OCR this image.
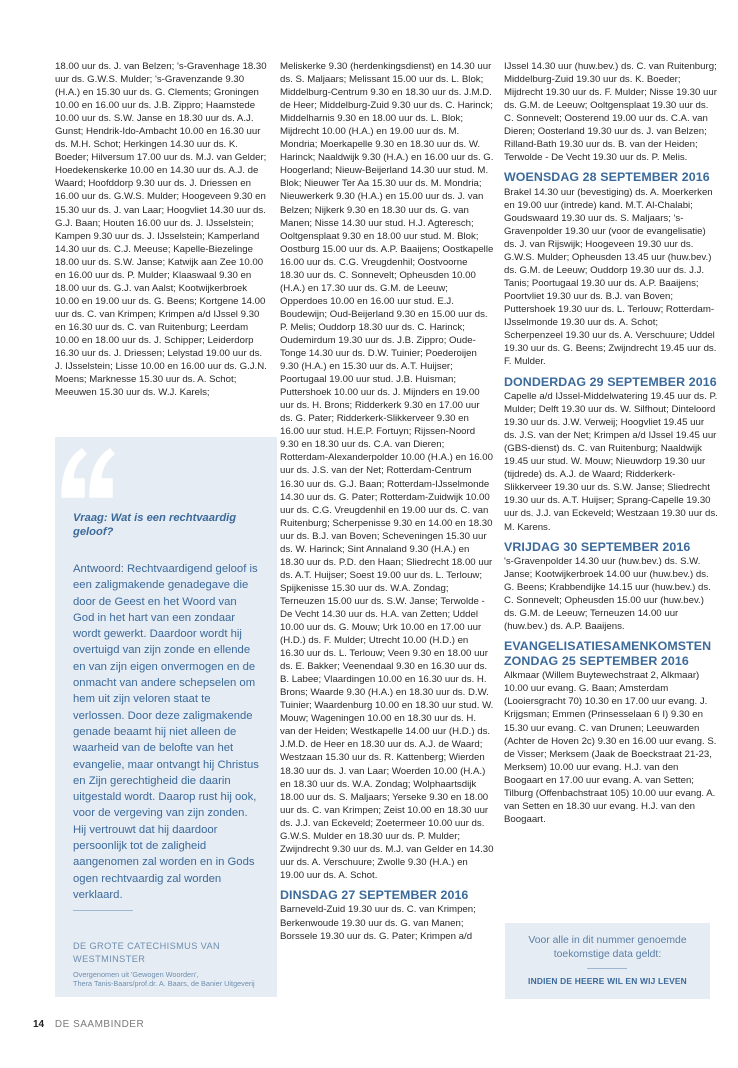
18.00 uur ds. J. van Belzen; 's-Gravenhage 18.30 uur ds. G.W.S. Mulder; 's-Gravenzande 9.30 (H.A.) en 15.30 uur ds. G. Clements; Groningen 10.00 en 16.00 uur ds. J.B. Zippro; Haamstede 10.00 uur ds. S.W. Janse en 18.30 uur ds. A.J. Gunst; Hendrik-Ido-Ambacht 10.00 en 16.30 uur ds. M.H. Schot; Herkingen 14.30 uur ds. K. Boeder; Hilversum 17.00 uur ds. M.J. van Gelder; Hoedekenskerke 10.00 en 14.30 uur ds. A.J. de Waard; Hoofddorp 9.30 uur ds. J. Driessen en 16.00 uur ds. G.W.S. Mulder; Hoogeveen 9.30 en 15.30 uur ds. J. van Laar; Hoogvliet 14.30 uur ds. G.J. Baan; Houten 16.00 uur ds. J. IJsselstein; Kampen 9.30 uur ds. J. IJsselstein; Kamperland 14.30 uur ds. C.J. Meeuse; Kapelle-Biezelinge 18.00 uur ds. S.W. Janse; Katwijk aan Zee 10.00 en 16.00 uur ds. P. Mulder; Klaaswaal 9.30 en 18.00 uur ds. G.J. van Aalst; Kootwijkerbroek 10.00 en 19.00 uur ds. G. Beens; Kortgene 14.00 uur ds. C. van Krimpen; Krimpen a/d IJssel 9.30 en 16.30 uur ds. C. van Ruitenburg; Leerdam 10.00 en 18.00 uur ds. J. Schipper; Leiderdorp 16.30 uur ds. J. Driessen; Lelystad 19.00 uur ds. J. IJsselstein; Lisse 10.00 en 16.00 uur ds. G.J.N. Moens; Marknesse 15.30 uur ds. A. Schot; Meeuwen 15.30 uur ds. W.J. Karels;

Vraag: Wat is een rechtvaardig geloof?

Antwoord: Rechtvaardigend geloof is een zaligmakende genadegave die door de Geest en het Woord van God in het hart van een zondaar wordt gewerkt. Daardoor wordt hij overtuigd van zijn zonde en ellende en van zijn eigen onvermogen en de onmacht van andere schepselen om hem uit zijn veloren staat te verlossen. Door deze zaligmakende genade beaamt hij niet alleen de waarheid van de belofte van het evangelie, maar ontvangt hij Christus en Zijn gerechtigheid die daarin uitgestald wordt. Daarop rust hij ook, voor de vergeving van zijn zonden. Hij vertrouwt dat hij daardoor persoonlijk tot de zaligheid aangenomen zal worden en in Gods ogen rechtvaardig zal worden verklaard.

DE GROTE CATECHISMUS VAN WESTMINSTER

Overgenomen uit 'Gewogen Woorden',
Thera Tanis-Baars/prof.dr. A. Baars, de Banier Uitgeverij

Meliskerke 9.30 (herdenkingsdienst) en 14.30 uur ds. S. Maljaars; Melissant 15.00 uur ds. L. Blok; Middelburg-Centrum 9.30 en 18.30 uur ds. J.M.D. de Heer; Middelburg-Zuid 9.30 uur ds. C. Harinck; Middelharnis 9.30 en 18.00 uur ds. L. Blok; Mijdrecht 10.00 (H.A.) en 19.00 uur ds. M. Mondria; Moerkapelle 9.30 en 18.30 uur ds. W. Harinck; Naaldwijk 9.30 (H.A.) en 16.00 uur ds. G. Hoogerland; Nieuw-Beijerland 14.30 uur stud. M. Blok; Nieuwer Ter Aa 15.30 uur ds. M. Mondria; Nieuwerkerk 9.30 (H.A.) en 15.00 uur ds. J. van Belzen; Nijkerk 9.30 en 18.30 uur ds. G. van Manen; Nisse 14.30 uur stud. H.J. Agteresch; Ooltgensplaat 9.30 en 18.00 uur stud. M. Blok; Oostburg 15.00 uur ds. A.P. Baaijens; Oostkapelle 16.00 uur ds. C.G. Vreugdenhil; Oostvoorne 18.30 uur ds. C. Sonnevelt; Opheusden 10.00 (H.A.) en 17.30 uur ds. G.M. de Leeuw; Opperdoes 10.00 en 16.00 uur stud. E.J. Boudewijn; Oud-Beijerland 9.30 en 15.00 uur ds. P. Melis; Ouddorp 18.30 uur ds. C. Harinck; Oudemirdum 19.30 uur ds. J.B. Zippro; Oude-Tonge 14.30 uur ds. D.W. Tuinier; Poederoijen 9.30 (H.A.) en 15.30 uur ds. A.T. Huijser; Poortugaal 19.00 uur stud. J.B. Huisman; Puttershoek 10.00 uur ds. J. Mijnders en 19.00 uur ds. H. Brons; Ridderkerk 9.30 en 17.00 uur ds. G. Pater; Ridderkerk-Slikkerveer 9.30 en 16.00 uur stud. H.E.P. Fortuyn; Rijssen-Noord 9.30 en 18.30 uur ds. C.A. van Dieren; Rotterdam-Alexanderpolder 10.00 (H.A.) en 16.00 uur ds. J.S. van der Net; Rotterdam-Centrum 16.30 uur ds. G.J. Baan; Rotterdam-IJsselmonde 14.30 uur ds. G. Pater; Rotterdam-Zuidwijk 10.00 uur ds. C.G. Vreugdenhil en 19.00 uur ds. C. van Ruitenburg; Scherpenisse 9.30 en 14.00 en 18.30 uur ds. B.J. van Boven; Scheveningen 15.30 uur ds. W. Harinck; Sint Annaland 9.30 (H.A.) en 18.30 uur ds. P.D. den Haan; Sliedrecht 18.00 uur ds. A.T. Huijser; Soest 19.00 uur ds. L. Terlouw; Spijkenisse 15.30 uur ds. W.A. Zondag; Terneuzen 15.00 uur ds. S.W. Janse; Terwolde - De Vecht 14.30 uur ds. H.A. van Zetten; Uddel 10.00 uur ds. G. Mouw; Urk 10.00 en 17.00 uur (H.D.) ds. F. Mulder; Utrecht 10.00 (H.D.) en 16.30 uur ds. L. Terlouw; Veen 9.30 en 18.00 uur ds. E. Bakker; Veenendaal 9.30 en 16.30 uur ds. B. Labee; Vlaardingen 10.00 en 16.30 uur ds. H. Brons; Waarde 9.30 (H.A.) en 18.30 uur ds. D.W. Tuinier; Waardenburg 10.00 en 18.30 uur stud. W. Mouw; Wageningen 10.00 en 18.30 uur ds. H. van der Heiden; Westkapelle 14.00 uur (H.D.) ds. J.M.D. de Heer en 18.30 uur ds. A.J. de Waard; Westzaan 15.30 uur ds. R. Kattenberg; Wierden 18.30 uur ds. J. van Laar; Woerden 10.00 (H.A.) en 18.30 uur ds. W.A. Zondag; Wolphaartsdijk 18.00 uur ds. S. Maljaars; Yerseke 9.30 en 18.00 uur ds. C. van Krimpen; Zeist 10.00 en 18.30 uur ds. J.J. van Eckeveld; Zoetermeer 10.00 uur ds. G.W.S. Mulder en 18.30 uur ds. P. Mulder; Zwijndrecht 9.30 uur ds. M.J. van Gelder en 14.30 uur ds. A. Verschuure; Zwolle 9.30 (H.A.) en 19.00 uur ds. A. Schot.

DINSDAG 27 SEPTEMBER 2016

Barneveld-Zuid 19.30 uur ds. C. van Krimpen; Berkenwoude 19.30 uur ds. G. van Manen; Borssele 19.30 uur ds. G. Pater; Krimpen a/d

IJssel 14.30 uur (huw.bev.) ds. C. van Ruitenburg; Middelburg-Zuid 19.30 uur ds. K. Boeder; Mijdrecht 19.30 uur ds. F. Mulder; Nisse 19.30 uur ds. G.M. de Leeuw; Ooltgensplaat 19.30 uur ds. C. Sonnevelt; Oosterend 19.00 uur ds. C.A. van Dieren; Oosterland 19.30 uur ds. J. van Belzen; Rilland-Bath 19.30 uur ds. B. van der Heiden; Terwolde - De Vecht 19.30 uur ds. P. Melis.

WOENSDAG 28 SEPTEMBER 2016

Brakel 14.30 uur (bevestiging) ds. A. Moerkerken en 19.00 uur (intrede) kand. M.T. Al-Chalabi; Goudswaard 19.30 uur ds. S. Maljaars; 's-Gravenpolder 19.30 uur (voor de evangelisatie) ds. J. van Rijswijk; Hoogeveen 19.30 uur ds. G.W.S. Mulder; Opheusden 13.45 uur (huw.bev.) ds. G.M. de Leeuw; Ouddorp 19.30 uur ds. J.J. Tanis; Poortugaal 19.30 uur ds. A.P. Baaijens; Poortvliet 19.30 uur ds. B.J. van Boven; Puttershoek 19.30 uur ds. L. Terlouw; Rotterdam-IJsselmonde 19.30 uur ds. A. Schot; Scherpenzeel 19.30 uur ds. A. Verschuure; Uddel 19.30 uur ds. G. Beens; Zwijndrecht 19.45 uur ds. F. Mulder.

DONDERDAG 29 SEPTEMBER 2016

Capelle a/d IJssel-Middelwatering 19.45 uur ds. P. Mulder; Delft 19.30 uur ds. W. Silfhout; Dinteloord 19.30 uur ds. J.W. Verweij; Hoogvliet 19.45 uur ds. J.S. van der Net; Krimpen a/d IJssel 19.45 uur (GBS-dienst) ds. C. van Ruitenburg; Naaldwijk 19.45 uur stud. W. Mouw; Nieuwdorp 19.30 uur (tijdrede) ds. A.J. de Waard; Ridderkerk-Slikkerveer 19.30 uur ds. S.W. Janse; Sliedrecht 19.30 uur ds. A.T. Huijser; Sprang-Capelle 19.30 uur ds. J.J. van Eckeveld; Westzaan 19.30 uur ds. M. Karens.

VRIJDAG 30 SEPTEMBER 2016

's-Gravenpolder 14.30 uur (huw.bev.) ds. S.W. Janse; Kootwijkerbroek 14.00 uur (huw.bev.) ds. G. Beens; Krabbendijke 14.15 uur (huw.bev.) ds. C. Sonnevelt; Opheusden 15.00 uur (huw.bev.) ds. G.M. de Leeuw; Terneuzen 14.00 uur (huw.bev.) ds. A.P. Baaijens.

EVANGELISATIESAMENKOMSTEN
ZONDAG 25 SEPTEMBER 2016

Alkmaar (Willem Buytewechstraat 2, Alkmaar) 10.00 uur evang. G. Baan; Amsterdam (Looiersgracht 70) 10.30 en 17.00 uur evang. J. Krijgsman; Emmen (Prinsesselaan 6 I) 9.30 en 15.30 uur evang. C. van Drunen; Leeuwarden (Achter de Hoven 2c) 9.30 en 16.00 uur evang. S. de Visser; Merksem (Jaak de Boeckstraat 21-23, Merksem) 10.00 uur evang. H.J. van den Boogaart en 17.00 uur evang. A. van Setten; Tilburg (Offenbachstraat 105) 10.00 uur evang. A. van Setten en 18.30 uur evang. H.J. van den Boogaart.

Voor alle in dit nummer genoemde toekomstige data geldt:

INDIEN DE HEERE WIL EN WIJ LEVEN

14 DE SAAMBINDER
